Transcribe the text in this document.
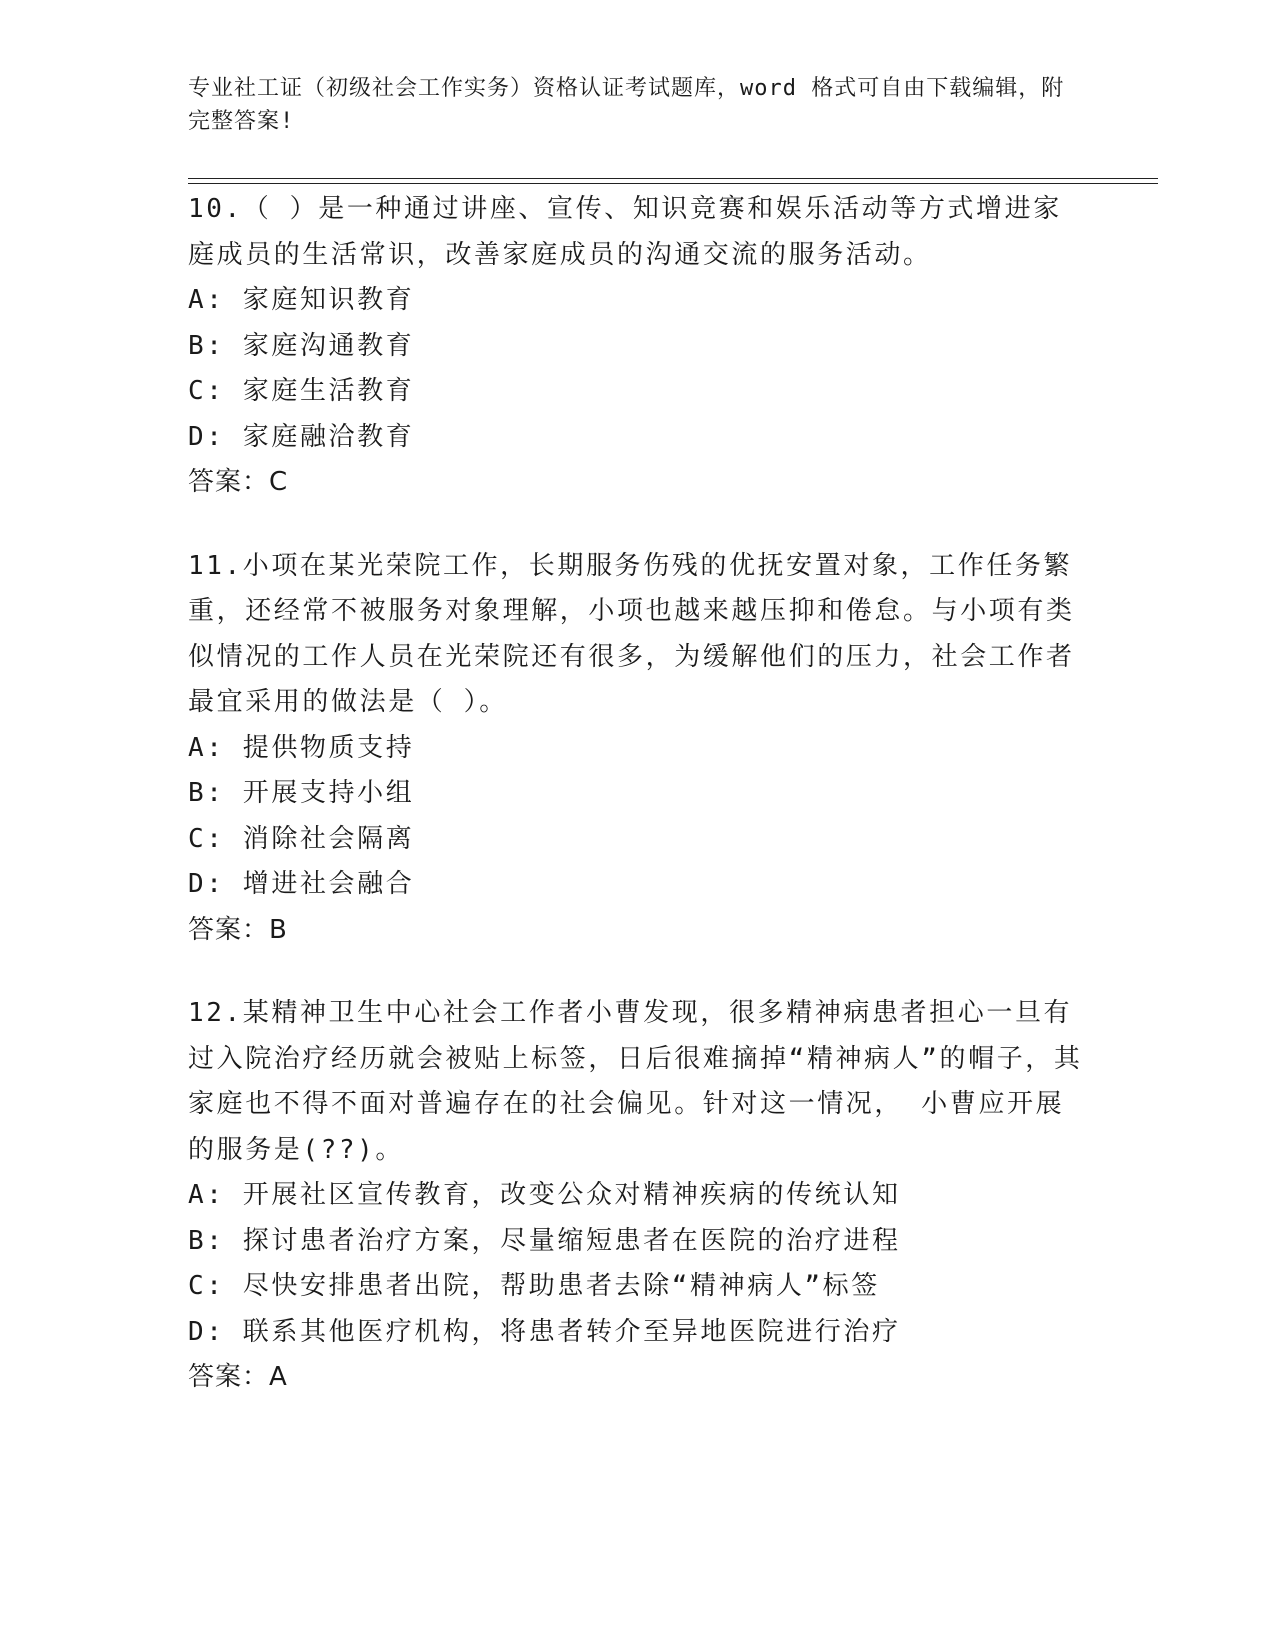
专业社工证（初级社会工作实务）资格认证考试题库，word 格式可自由下载编辑，附完整答案!
10.（ ）是一种通过讲座、宣传、知识竞赛和娱乐活动等方式增进家庭成员的生活常识，改善家庭成员的沟通交流的服务活动。
A: 家庭知识教育
B: 家庭沟通教育
C: 家庭生活教育
D: 家庭融洽教育
答案：C
11.小项在某光荣院工作，长期服务伤残的优抚安置对象，工作任务繁重，还经常不被服务对象理解，小项也越来越压抑和倦怠。与小项有类似情况的工作人员在光荣院还有很多，为缓解他们的压力，社会工作者最宜采用的做法是（ ）。
A: 提供物质支持
B: 开展支持小组
C: 消除社会隔离
D: 增进社会融合
答案：B
12.某精神卫生中心社会工作者小曹发现，很多精神病患者担心一旦有过入院治疗经历就会被贴上标签，日后很难摘掉“精神病人”的帽子，其家庭也不得不面对普遍存在的社会偏见。针对这一情况， 小曹应开展的服务是(??)。
A: 开展社区宣传教育，改变公众对精神疾病的传统认知
B: 探讨患者治疗方案，尽量缩短患者在医院的治疗进程
C: 尽快安排患者出院，帮助患者去除“精神病人”标签
D: 联系其他医疗机构，将患者转介至异地医院进行治疗
答案：A
